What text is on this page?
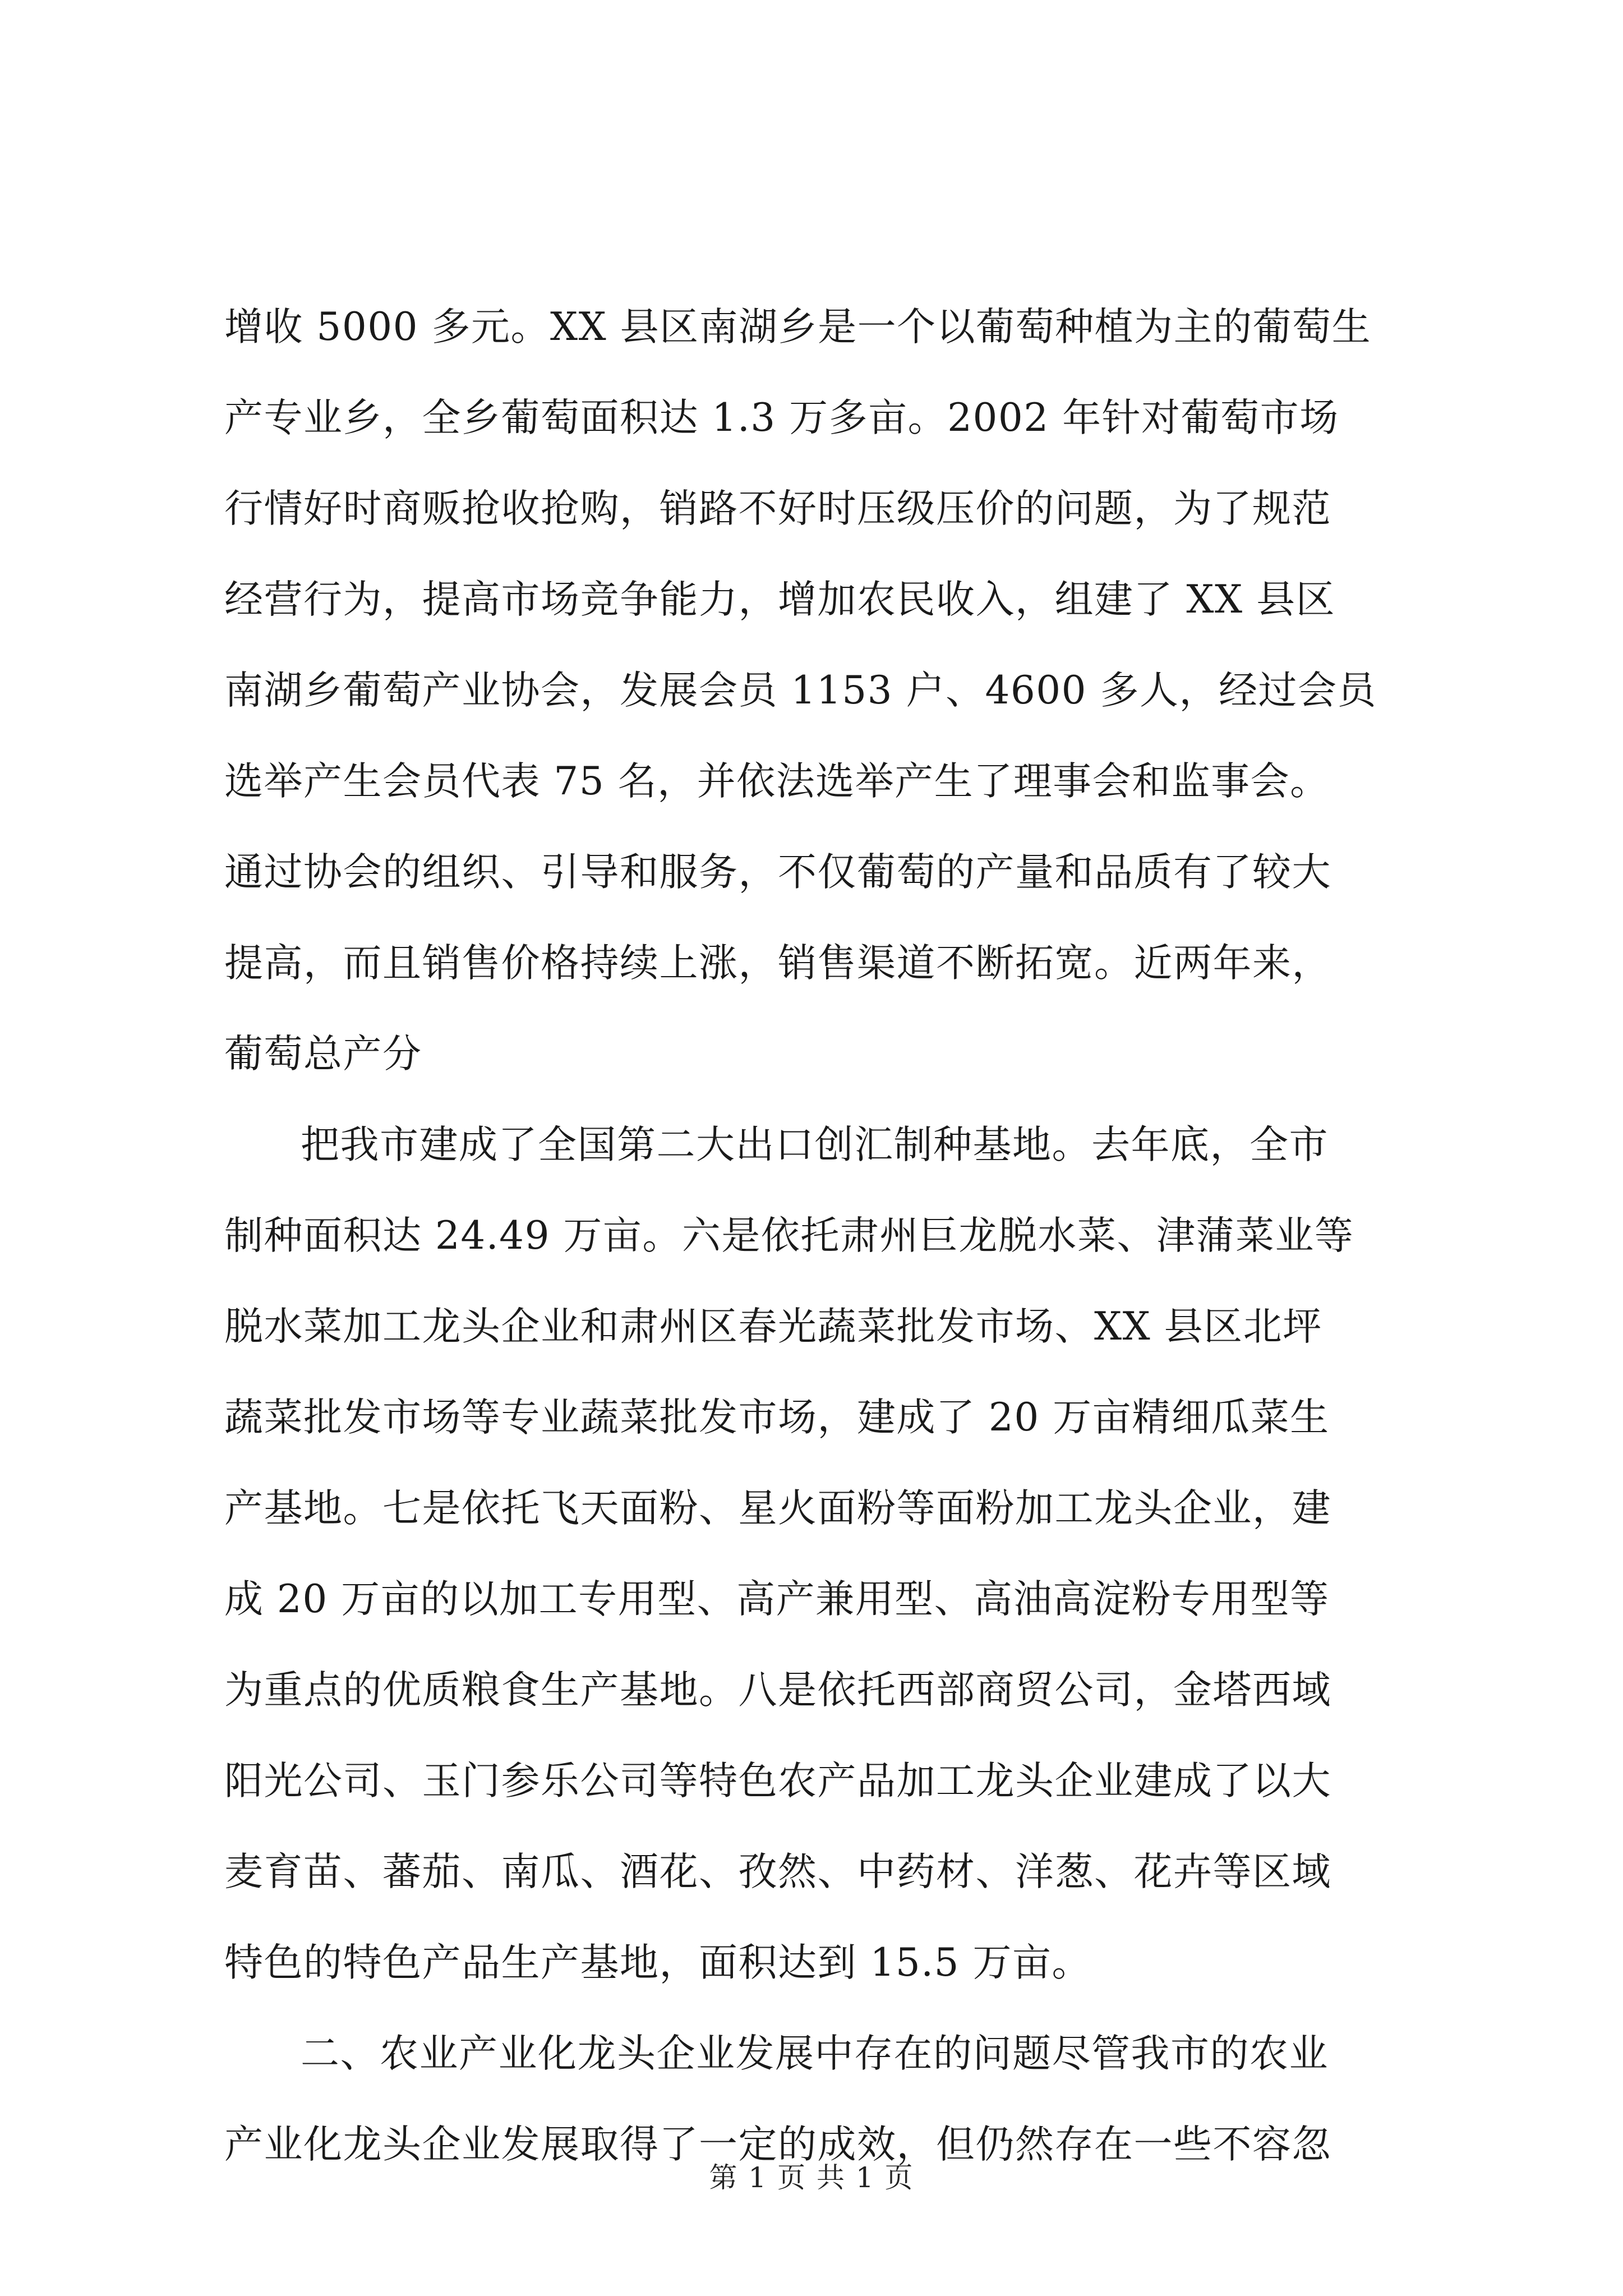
增收 5000 多元。XX 县区南湖乡是一个以葡萄种植为主的葡萄生
产专业乡，全乡葡萄面积达 1.3 万多亩。2002 年针对葡萄市场
行情好时商贩抢收抢购，销路不好时压级压价的问题，为了规范
经营行为，提高市场竞争能力，增加农民收入，组建了 XX 县区
南湖乡葡萄产业协会，发展会员 1153 户、4600 多人，经过会员
选举产生会员代表 75 名，并依法选举产生了理事会和监事会。
通过协会的组织、引导和服务，不仅葡萄的产量和品质有了较大
提高，而且销售价格持续上涨，销售渠道不断拓宽。近两年来，
葡萄总产分
把我市建成了全国第二大出口创汇制种基地。去年底，全市
制种面积达 24.49 万亩。六是依托肃州巨龙脱水菜、津蒲菜业等
脱水菜加工龙头企业和肃州区春光蔬菜批发市场、XX 县区北坪
蔬菜批发市场等专业蔬菜批发市场，建成了 20 万亩精细瓜菜生
产基地。七是依托飞天面粉、星火面粉等面粉加工龙头企业，建
成 20 万亩的以加工专用型、高产兼用型、高油高淀粉专用型等
为重点的优质粮食生产基地。八是依托西部商贸公司，金塔西域
阳光公司、玉门参乐公司等特色农产品加工龙头企业建成了以大
麦育苗、蕃茄、南瓜、酒花、孜然、中药材、洋葱、花卉等区域
特色的特色产品生产基地，面积达到 15.5 万亩。
二、农业产业化龙头企业发展中存在的问题尽管我市的农业
产业化龙头企业发展取得了一定的成效，但仍然存在一些不容忽
第 1 页 共 1 页
